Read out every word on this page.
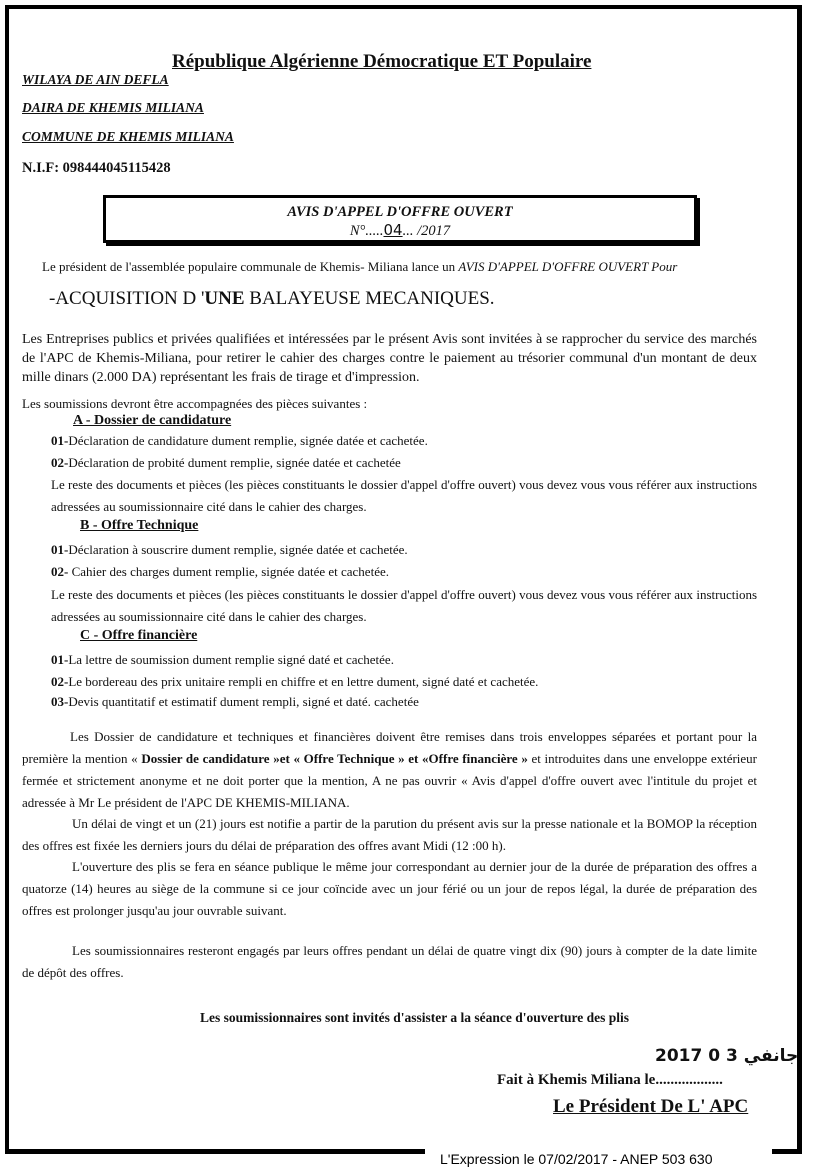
République Algérienne Démocratique ET Populaire
WILAYA DE AIN DEFLA
DAIRA DE KHEMIS MILIANA
COMMUNE DE KHEMIS MILIANA
N.I.F: 098444045115428
AVIS D'APPEL D'OFFRE OUVERT
N°.....04... /2017
Le président de l'assemblée populaire communale de Khemis- Miliana lance un AVIS D'APPEL D'OFFRE OUVERT Pour
-ACQUISITION D 'UNE BALAYEUSE MECANIQUES.
Les Entreprises publics et privées qualifiées et intéressées par le présent Avis sont invitées à se rapprocher du service des marchés de l'APC de Khemis-Miliana, pour retirer le cahier des charges contre le paiement au trésorier communal d'un montant de deux mille dinars (2.000 DA) représentant les frais de tirage et d'impression.
Les soumissions devront être accompagnées des pièces suivantes :
A - Dossier de candidature
01-Déclaration de candidature dument remplie, signée datée et cachetée.
02-Déclaration de probité dument remplie, signée datée et cachetée
Le reste des documents et pièces (les pièces constituants le dossier d'appel d'offre ouvert) vous devez vous vous référer aux instructions adressées au soumissionnaire cité dans le cahier des charges.
B - Offre Technique
01-Déclaration à souscrire dument remplie, signée datée et cachetée.
02- Cahier des charges dument remplie, signée datée et cachetée.
Le reste des documents et pièces (les pièces constituants le dossier d'appel d'offre ouvert) vous devez vous vous référer aux instructions adressées au soumissionnaire cité dans le cahier des charges.
C - Offre financière
01-La lettre de soumission dument remplie signé daté et cachetée.
02-Le bordereau des prix unitaire rempli en chiffre et en lettre dument, signé daté et cachetée.
03-Devis quantitatif et estimatif dument rempli, signé et daté. cachetée
Les Dossier de candidature et techniques et financières doivent être remises dans trois enveloppes séparées et portant pour la première la mention « Dossier de candidature »et « Offre Technique » et «Offre financière » et introduites dans une enveloppe extérieur fermée et strictement anonyme et ne doit porter que la mention, A ne pas ouvrir « Avis d'appel d'offre ouvert avec l'intitule du projet et adressée à Mr Le président de l'APC DE KHEMIS-MILIANA.
Un délai de vingt et un (21) jours est notifie a partir de la parution du présent avis sur la presse nationale et la BOMOP la réception des offres est fixée les derniers jours du délai de préparation des offres avant Midi (12 :00 h).
L'ouverture des plis se fera en séance publique le même jour correspondant au dernier jour de la durée de préparation des offres a quatorze (14) heures au siège de la commune si ce jour coïncide avec un jour férié ou un jour de repos légal, la durée de préparation des offres est prolonger jusqu'au jour ouvrable suivant.
Les soumissionnaires resteront engagés par leurs offres pendant un délai de quatre vingt dix (90) jours à compter de la date limite de dépôt des offres.
Les soumissionnaires sont invités d'assister a la séance d'ouverture des plis
2017 جانفي 3 0
Fait à Khemis Miliana le..................
Le Président De L' APC
L'Expression le 07/02/2017 - ANEP 503 630
